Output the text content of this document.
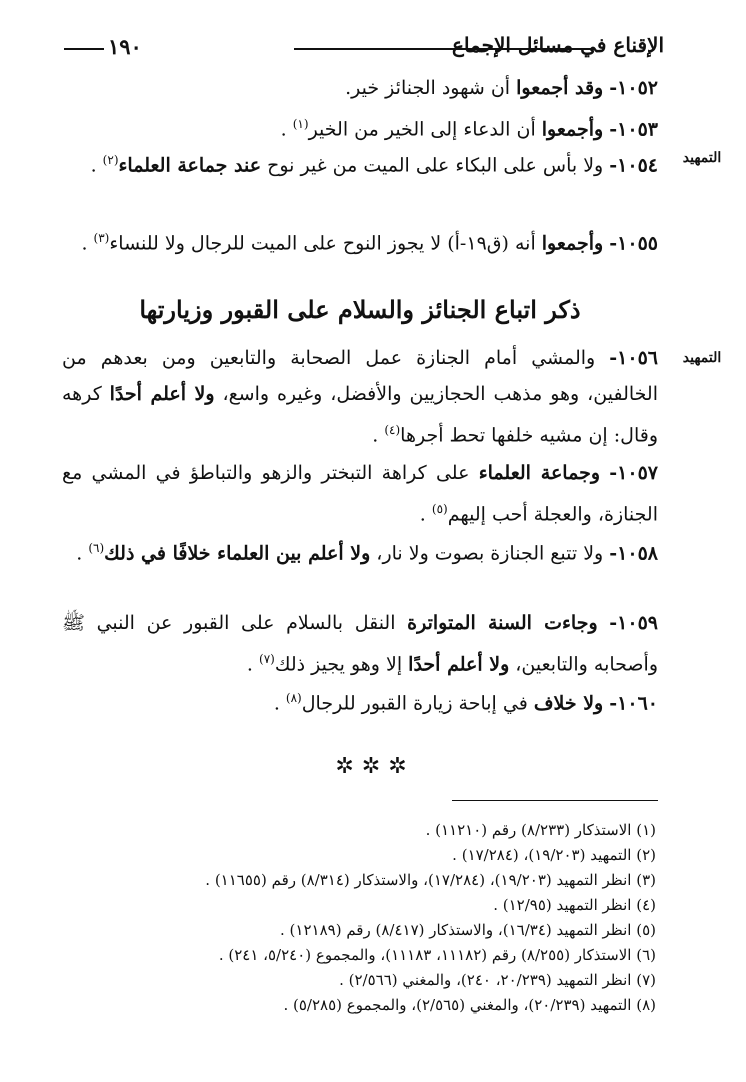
١٩٠	الإقناع في مسائل الإجماع

١٠٥٢- وقد أجمعوا أن شهود الجنائز خير.

١٠٥٣- وأجمعوا أن الدعاء إلى الخير من الخير$^{(١)}$ .

التمهيد

١٠٥٤- ولا بأس على البكاء على الميت من غير نوح عند جماعة العلماء$^{(٢)}$ .

١٠٥٥- وأجمعوا أنه (ق١٩-أ) لا يجوز النوح على الميت للرجال ولا للنساء$^{(٣)}$ .

ذكر اتباع الجنائز والسلام على القبور وزيارتها
التمهيد

١٠٥٦- والمشي أمام الجنازة عمل الصحابة والتابعين ومن بعدهم من الخالفين، وهو مذهب الحجازيين والأفضل، وغيره واسع، ولا أعلم أحدًا كرهه وقال: إن مشيه خلفها تحط أجرها$^{(٤)}$ .

١٠٥٧- وجماعة العلماء على كراهة التبختر والزهو والتباطؤ في المشي مع الجنازة، والعجلة أحب إليهم$^{(٥)}$ .

١٠٥٨- ولا تتبع الجنازة بصوت ولا نار، ولا أعلم بين العلماء خلافًا في ذلك$^{(٦)}$ .

١٠٥٩- وجاءت السنة المتواترة النقل بالسلام على القبور عن النبي ﷺ وأصحابه والتابعين، ولا أعلم أحدًا إلا وهو يجيز ذلك$^{(٧)}$ .

١٠٦٠- ولا خلاف في إباحة زيارة القبور للرجال$^{(٨)}$ .

✲✲✲
(١) الاستذكار (٨/٢٣٣) رقم (١١٢١٠) .
(٢) التمهيد (١٩/٢٠٣)، (١٧/٢٨٤) .
(٣) انظر التمهيد (١٩/٢٠٣)، (١٧/٢٨٤)، والاستذكار (٨/٣١٤) رقم (١١٦٥٥) .
(٤) انظر التمهيد (١٢/٩٥) .
(٥) انظر التمهيد (١٦/٣٤)، والاستذكار (٨/٤١٧) رقم (١٢١٨٩) .
(٦) الاستذكار (٨/٢٥٥) رقم (١١١٨٢، ١١١٨٣)، والمجموع (٥/٢٤٠، ٢٤١) .
(٧) انظر التمهيد (٢٠/٢٣٩، ٢٤٠)، والمغني (٢/٥٦٦) .
(٨) التمهيد (٢٠/٢٣٩)، والمغني (٢/٥٦٥)، والمجموع (٥/٢٨٥) .
